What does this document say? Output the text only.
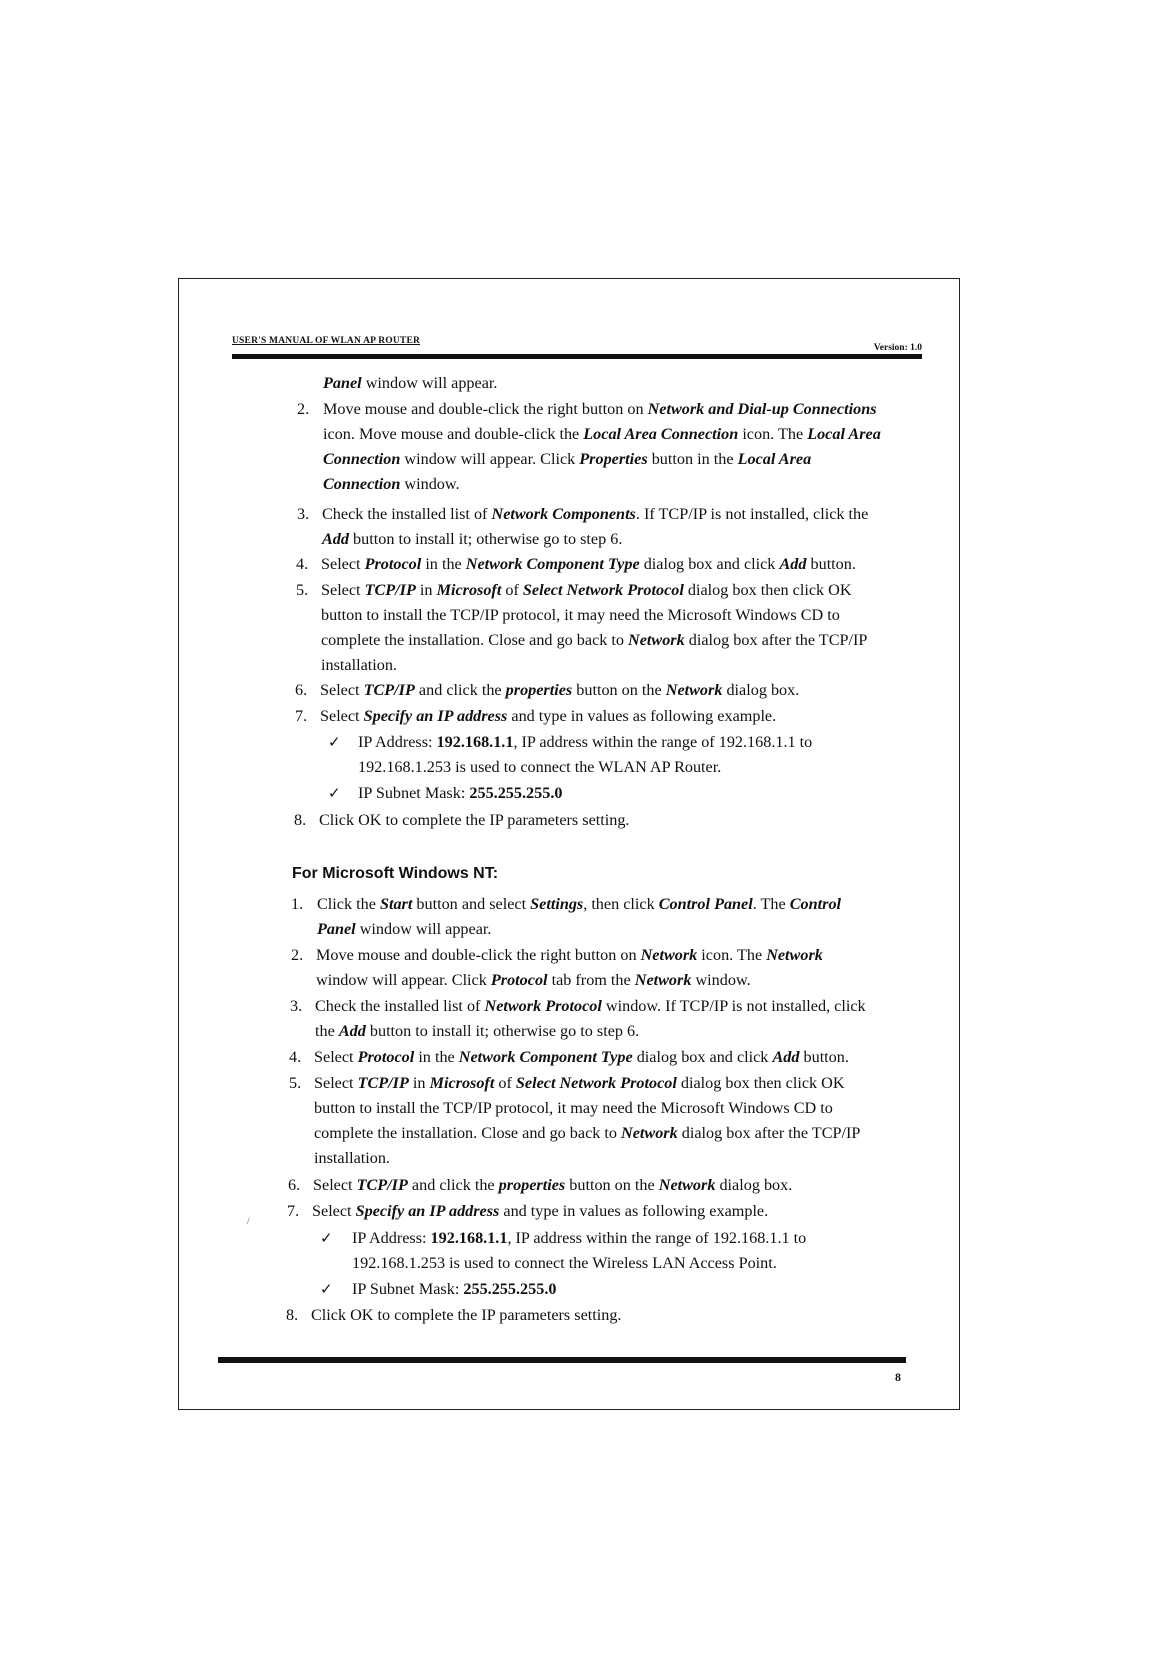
USER'S MANUAL OF WLAN AP ROUTER
Version: 1.0
Panel window will appear.
2. Move mouse and double-click the right button on Network and Dial-up Connections
icon. Move mouse and double-click the Local Area Connection icon. The Local Area
Connection window will appear. Click Properties button in the Local Area
Connection window.
3. Check the installed list of Network Components. If TCP/IP is not installed, click the
Add button to install it; otherwise go to step 6.
4. Select Protocol in the Network Component Type dialog box and click Add button.
5. Select TCP/IP in Microsoft of Select Network Protocol dialog box then click OK
button to install the TCP/IP protocol, it may need the Microsoft Windows CD to
complete the installation. Close and go back to Network dialog box after the TCP/IP
installation.
6. Select TCP/IP and click the properties button on the Network dialog box.
7. Select Specify an IP address and type in values as following example.
✓ IP Address: 192.168.1.1, IP address within the range of 192.168.1.1 to
192.168.1.253 is used to connect the WLAN AP Router.
✓ IP Subnet Mask: 255.255.255.0
8. Click OK to complete the IP parameters setting.
For Microsoft Windows NT:
1. Click the Start button and select Settings, then click Control Panel. The Control
Panel window will appear.
2. Move mouse and double-click the right button on Network icon. The Network
window will appear. Click Protocol tab from the Network window.
3. Check the installed list of Network Protocol window. If TCP/IP is not installed, click
the Add button to install it; otherwise go to step 6.
4. Select Protocol in the Network Component Type dialog box and click Add button.
5. Select TCP/IP in Microsoft of Select Network Protocol dialog box then click OK
button to install the TCP/IP protocol, it may need the Microsoft Windows CD to
complete the installation. Close and go back to Network dialog box after the TCP/IP
installation.
6. Select TCP/IP and click the properties button on the Network dialog box.
7. Select Specify an IP address and type in values as following example.
✓ IP Address: 192.168.1.1, IP address within the range of 192.168.1.1 to
192.168.1.253 is used to connect the Wireless LAN Access Point.
✓ IP Subnet Mask: 255.255.255.0
8. Click OK to complete the IP parameters setting.
/
8
